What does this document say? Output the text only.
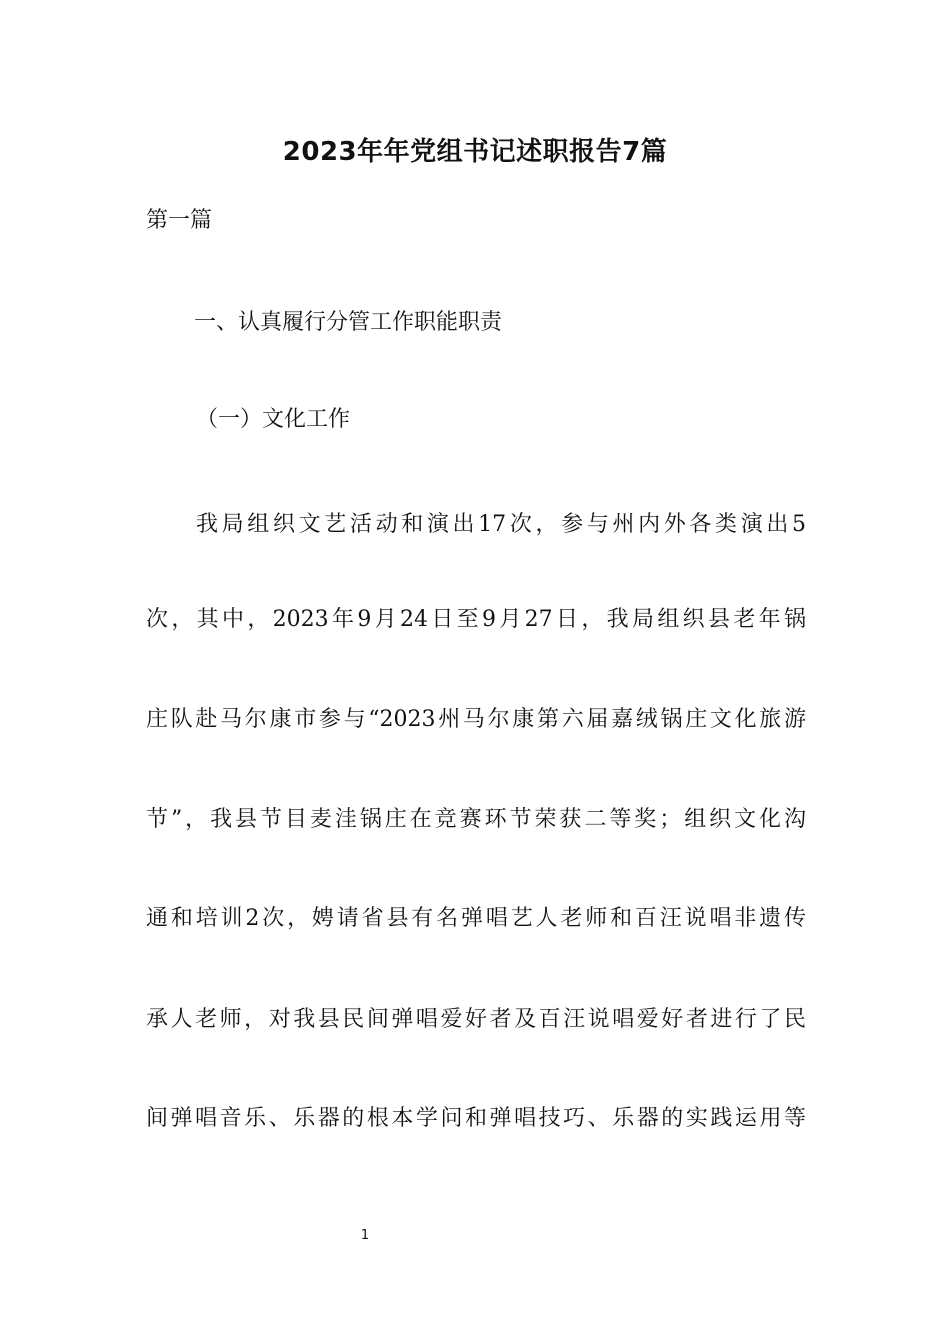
2023年年党组书记述职报告7篇
第一篇
一、认真履行分管工作职能职责
（一）文化工作
我局组织文艺活动和演出17次，参与州内外各类演出5
次，其中，2023年9月24日至9月27日，我局组织县老年锅
庄队赴马尔康市参与“2023州马尔康第六届嘉绒锅庄文化旅游
节”，我县节目麦洼锅庄在竞赛环节荣获二等奖；组织文化沟
通和培训2次，娉请省县有名弹唱艺人老师和百汪说唱非遗传
承人老师，对我县民间弹唱爱好者及百汪说唱爱好者进行了民
间弹唱音乐、乐器的根本学问和弹唱技巧、乐器的实践运用等
1
